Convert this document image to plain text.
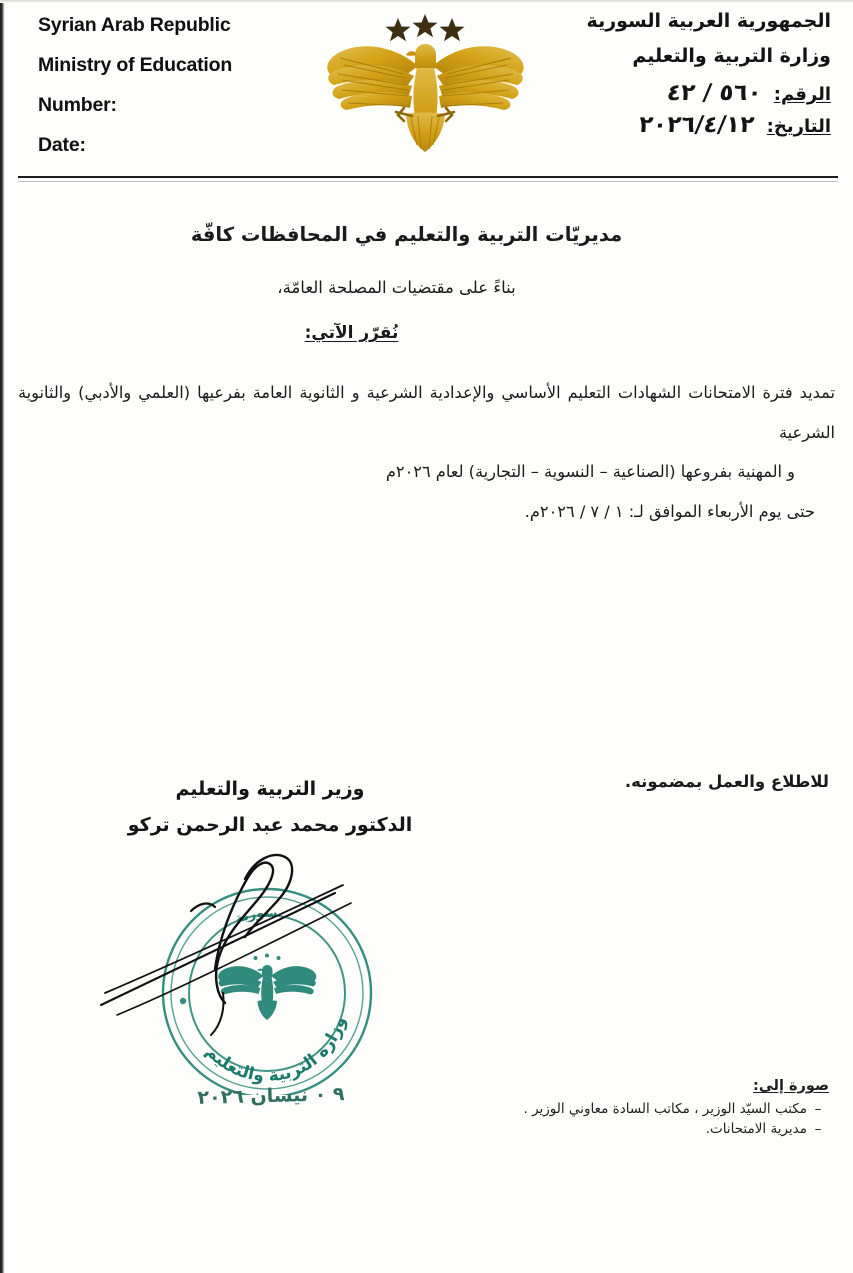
Syrian Arab Republic
Ministry of Education
Number:
Date:
الجمهورية العربية السورية
وزارة التربية والتعليم
الرقم: ٥٦٠ / ٤٢
التاريخ: ٢٠٢٦/٤/١٢
مديريّات التربية والتعليم في المحافظات كافّة
بناءً على مقتضيات المصلحة العامّة،
نُقرّر الآتي:
تمديد فترة الامتحانات الشهادات التعليم الأساسي والإعدادية الشرعية و الثانوية العامة بفرعيها (العلمي والأدبي) والثانوية الشرعية
و المهنية بفروعها (الصناعية – النسوية – التجارية) لعام ٢٠٢٦م
حتى يوم الأربعاء الموافق لـ: ١ / ٧ / ٢٠٢٦م.
للاطلاع والعمل بمضمونه.
وزير التربية والتعليم
الدكتور محمد عبد الرحمن تركو
وزارة التربية والتعليم
سورية
٩ ٠ نيسان ٢٠٢٦	صورة إلى:
–مكتب السيّد الوزير ، مكاتب السادة معاوني الوزير .
–مديرية الامتحانات.
